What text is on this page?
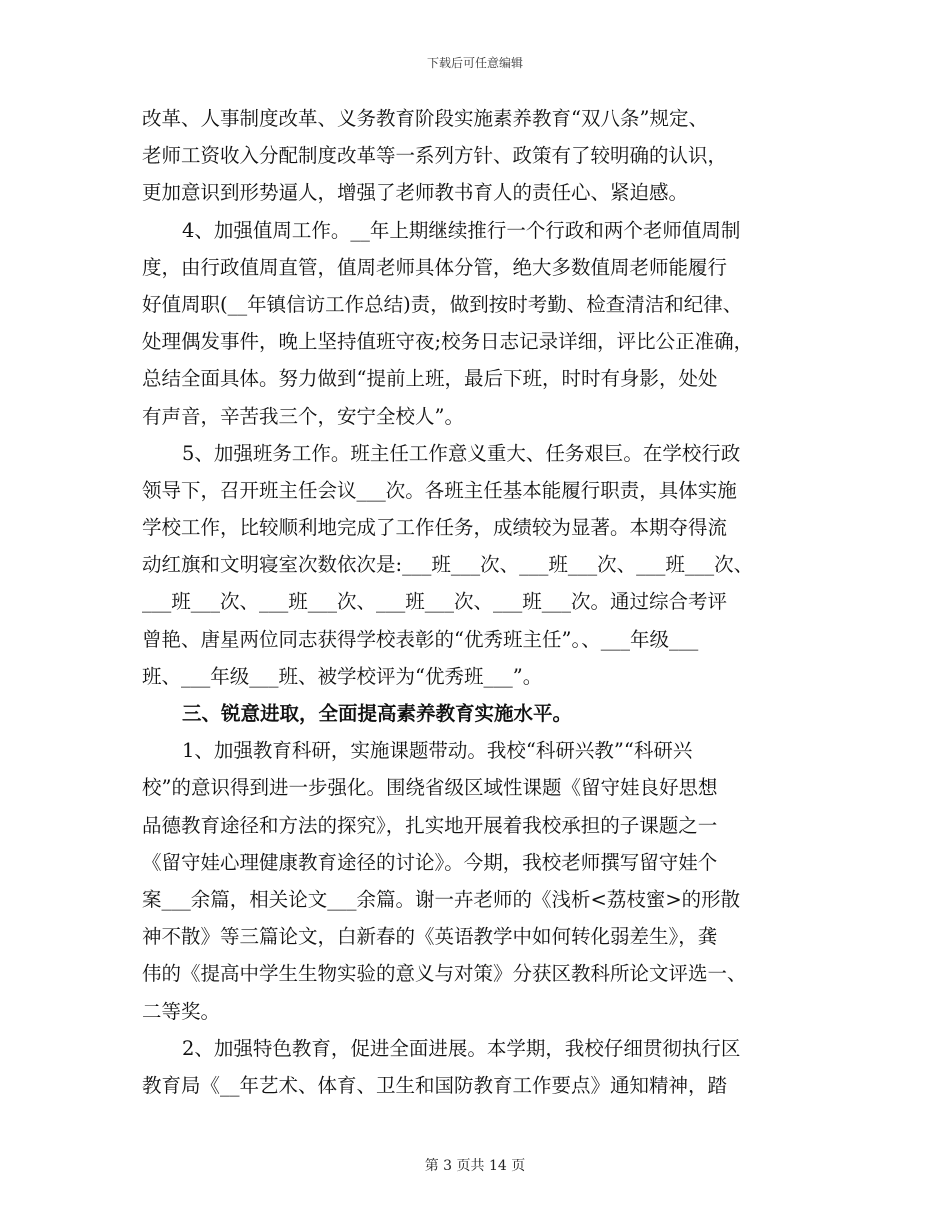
下载后可任意编辑
改革、人事制度改革、义务教育阶段实施素养教育“双八条”规定、
老师工资收入分配制度改革等一系列方针、政策有了较明确的认识，
更加意识到形势逼人，增强了老师教书育人的责任心、紧迫感。
4、加强值周工作。__年上期继续推行一个行政和两个老师值周制
度，由行政值周直管，值周老师具体分管，绝大多数值周老师能履行
好值周职(__年镇信访工作总结)责，做到按时考勤、检查清洁和纪律、
处理偶发事件，晚上坚持值班守夜;校务日志记录详细，评比公正准确，
总结全面具体。努力做到“提前上班，最后下班，时时有身影，处处
有声音，辛苦我三个，安宁全校人”。
5、加强班务工作。班主任工作意义重大、任务艰巨。在学校行政
领导下，召开班主任会议___次。各班主任基本能履行职责，具体实施
学校工作，比较顺利地完成了工作任务，成绩较为显著。本期夺得流
动红旗和文明寝室次数依次是:___班___次、___班___次、___班___次、
___班___次、___班___次、___班___次、___班___次。通过综合考评
曾艳、唐星两位同志获得学校表彰的“优秀班主任”。、___年级___
班、___年级___班、被学校评为“优秀班___”。
三、锐意进取，全面提高素养教育实施水平。
1、加强教育科研，实施课题带动。我校“科研兴教”“科研兴
校”的意识得到进一步强化。围绕省级区域性课题《留守娃良好思想
品德教育途径和方法的探究》，扎实地开展着我校承担的子课题之一
《留守娃心理健康教育途径的讨论》。今期，我校老师撰写留守娃个
案___余篇，相关论文___余篇。谢一卉老师的《浅析<荔枝蜜>的形散
神不散》等三篇论文，白新春的《英语教学中如何转化弱差生》，龚
伟的《提高中学生生物实验的意义与对策》分获区教科所论文评选一、
二等奖。
2、加强特色教育，促进全面进展。本学期，我校仔细贯彻执行区
教育局《__年艺术、体育、卫生和国防教育工作要点》通知精神，踏
第 3 页共 14 页
